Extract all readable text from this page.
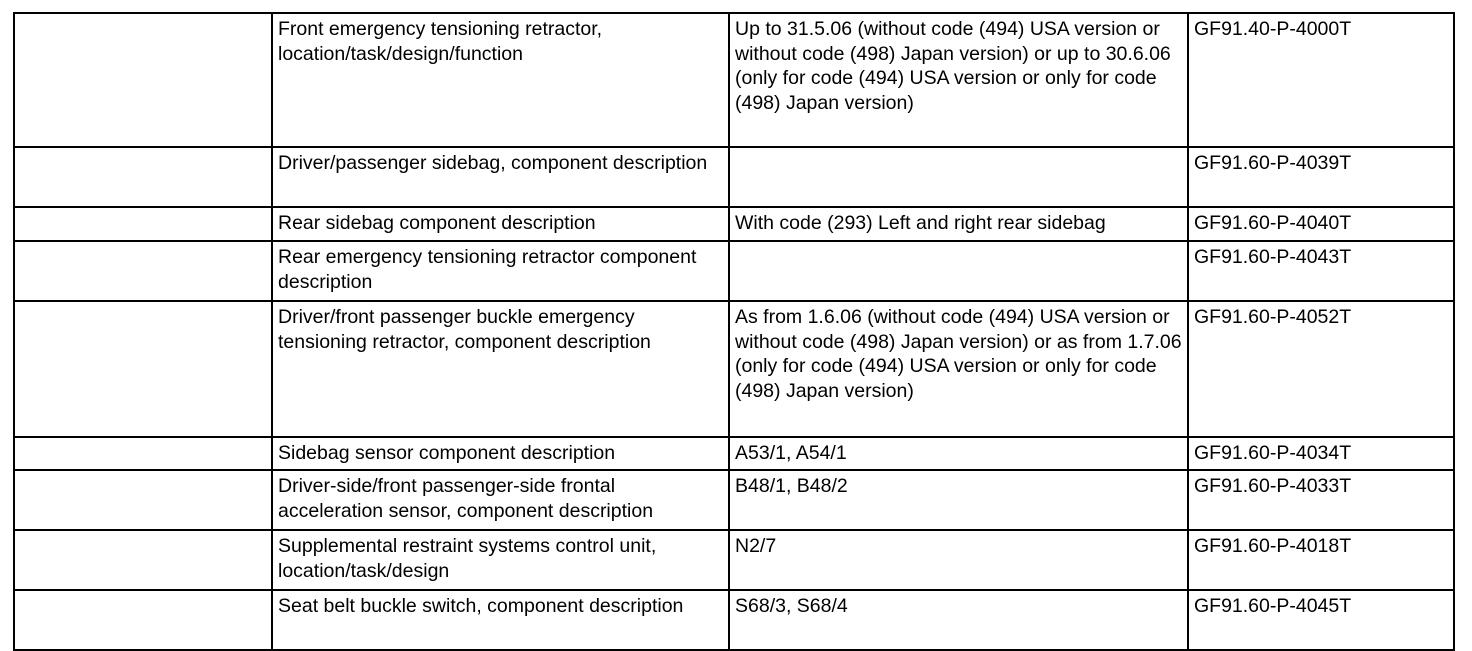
	Front emergency tensioning retractor, location/task/design/function	Up to 31.5.06 (without code (494) USA version or without code (498) Japan version) or up to 30.6.06 (only for code (494) USA version or only for code (498) Japan version)	GF91.40-P-4000T
	Driver/passenger sidebag, component description		GF91.60-P-4039T
	Rear sidebag component description	With code (293) Left and right rear sidebag	GF91.60-P-4040T
	Rear emergency tensioning retractor component description		GF91.60-P-4043T
	Driver/front passenger buckle emergency tensioning retractor, component description	As from 1.6.06 (without code (494) USA version or without code (498) Japan version) or as from 1.7.06 (only for code (494) USA version or only for code (498) Japan version)	GF91.60-P-4052T
	Sidebag sensor component description	A53/1, A54/1	GF91.60-P-4034T
	Driver-side/front passenger-side frontal acceleration sensor, component description	B48/1, B48/2	GF91.60-P-4033T
	Supplemental restraint systems control unit, location/task/design	N2/7	GF91.60-P-4018T
	Seat belt buckle switch, component description	S68/3, S68/4	GF91.60-P-4045T
